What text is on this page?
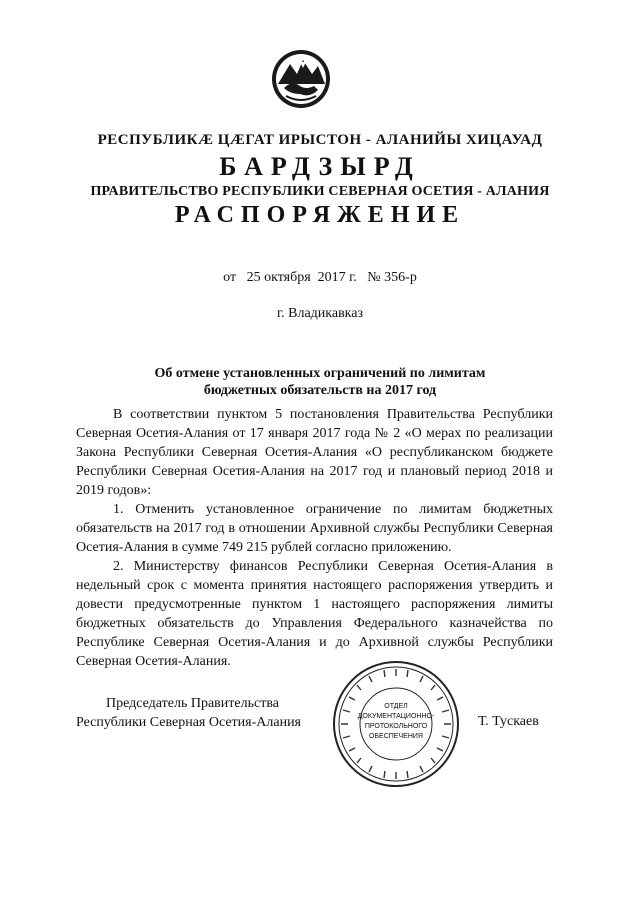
РЕСПУБЛИКӔ ЦӔГАТ ИРЫСТОН - АЛАНИЙЫ ХИЦАУАД
БАРДЗЫРД
ПРАВИТЕЛЬСТВО РЕСПУБЛИКИ СЕВЕРНАЯ ОСЕТИЯ - АЛАНИЯ
РАСПОРЯЖЕНИЕ
от   25 октября  2017 г.   № 356-р
г. Владикавказ
Об отмене установленных ограничений по лимитам
бюджетных обязательств на 2017 год

В соответствии пунктом 5 постановления Правительства Республики Северная Осетия-Алания от 17 января 2017 года № 2 «О мерах по реализации Закона Республики Северная Осетия-Алания «О республиканском бюджете Республики Северная Осетия-Алания на 2017 год и плановый период 2018 и 2019 годов»:

1. Отменить установленное ограничение по лимитам бюджетных обязательств на 2017 год в отношении Архивной службы Республики Северная Осетия-Алания в сумме 749 215 рублей согласно приложению.

2. Министерству финансов Республики Северная Осетия-Алания в недельный срок с момента принятия настоящего распоряжения утвердить и довести предусмотренные пунктом 1 настоящего распоряжения лимиты бюджетных обязательств до Управления Федерального казначейства по Республике Северная Осетия-Алания и до Архивной службы Республики Северная Осетия-Алания.

Председатель Правительства
Республики Северная Осетия-Алания
ОТДЕЛ
ДОКУМЕНТАЦИОННО-
ПРОТОКОЛЬНОГО
ОБЕСПЕЧЕНИЯ
Т. Тускаев
